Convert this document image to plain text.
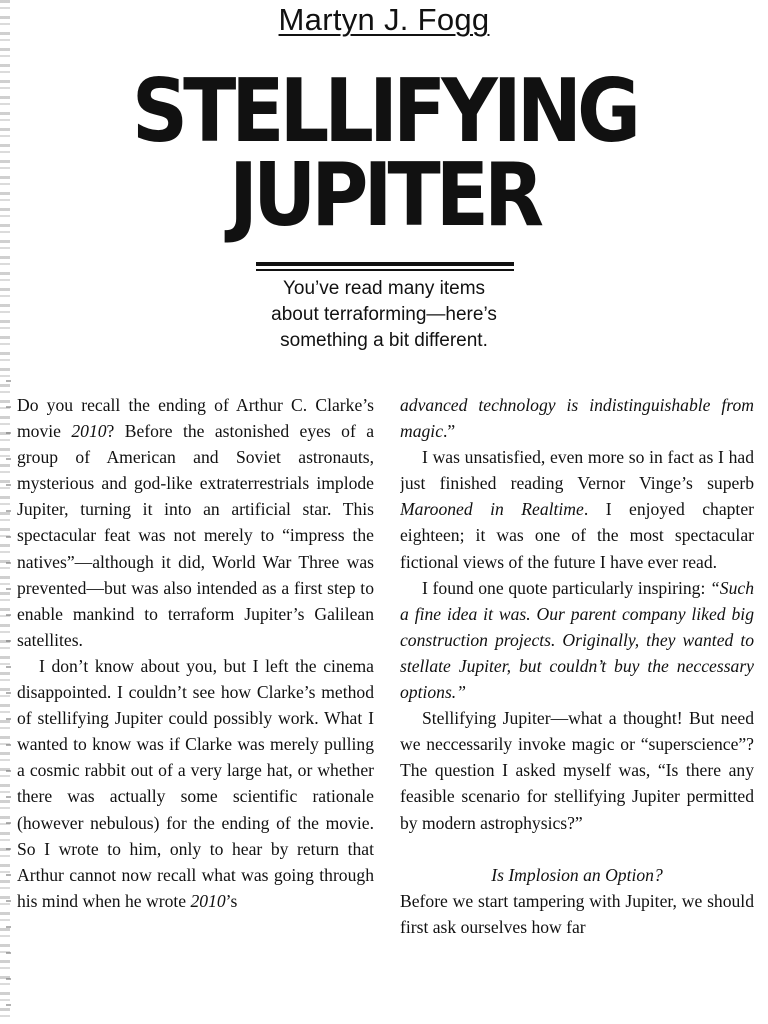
Martyn J. Fogg
STELLIFYING
JUPITER
You’ve read many items
about terraforming—here’s
something a bit different.

Do you recall the ending of Arthur C. Clarke’s movie 2010? Before the astonished eyes of a group of American and Soviet astronauts, mysterious and god-like extraterrestrials implode Jupiter, turning it into an artificial star. This spectacular feat was not merely to “impress the natives”—although it did, World War Three was prevented—but was also intended as a first step to enable mankind to terraform Jupiter’s Galilean satellites.

I don’t know about you, but I left the cinema disappointed. I couldn’t see how Clarke’s method of stellifying Jupiter could possibly work. What I wanted to know was if Clarke was merely pulling a cosmic rabbit out of a very large hat, or whether there was actually some scientific rationale (however nebulous) for the ending of the movie. So I wrote to him, only to hear by return that Arthur cannot now recall what was going through his mind when he wrote 2010’s

advanced technology is indistinguishable from magic.”

I was unsatisfied, even more so in fact as I had just finished reading Vernor Vinge’s superb Marooned in Realtime. I enjoyed chapter eighteen; it was one of the most spectacular fictional views of the future I have ever read.

I found one quote particularly inspiring: “Such a fine idea it was. Our parent company liked big construction projects. Originally, they wanted to stellate Jupiter, but couldn’t buy the neccessary options.”

Stellifying Jupiter—what a thought! But need we neccessarily invoke magic or “superscience”? The question I asked myself was, “Is there any feasible scenario for stellifying Jupiter permitted by modern astrophysics?”

Is Implosion an Option?

Before we start tampering with Jupiter, we should first ask ourselves how far
